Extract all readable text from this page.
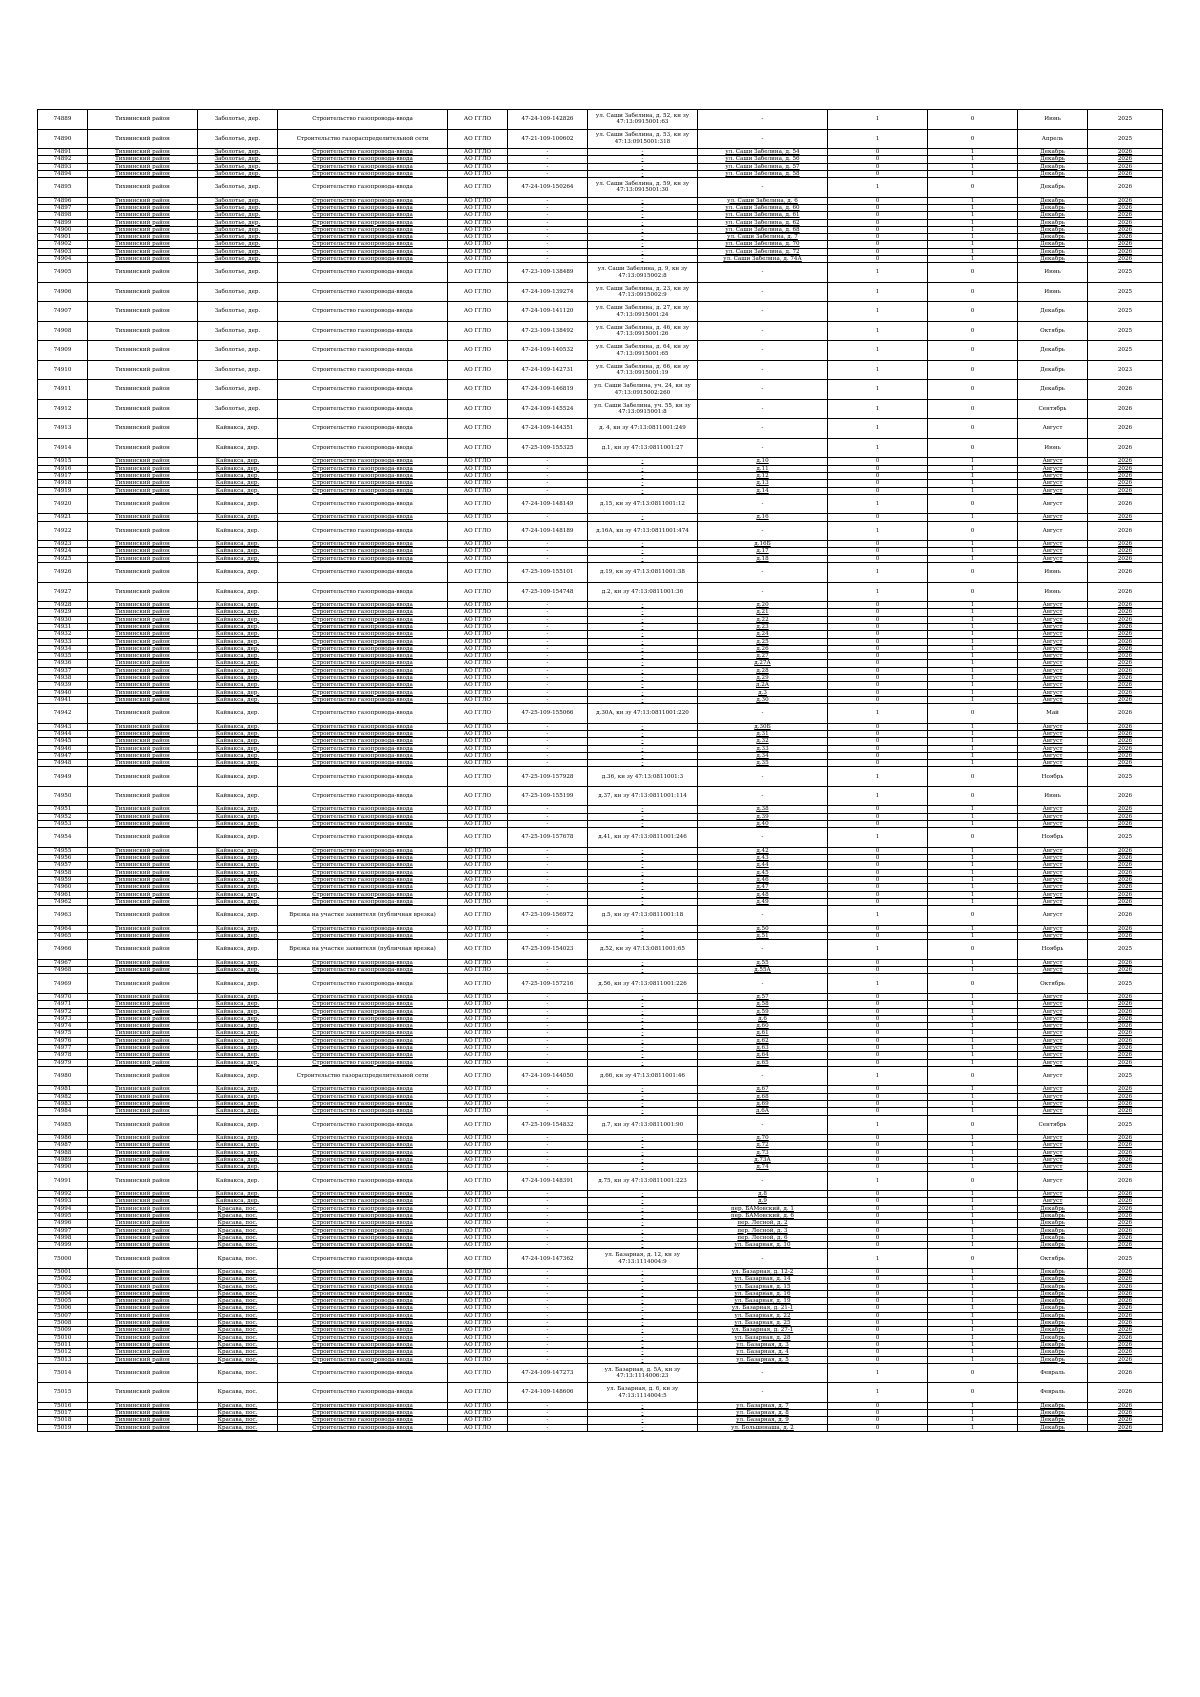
74889	Тихвинский район	Заболотье, дер.	Строительство газопровода-ввода	АО ГГЛО	47-24-109-142826	ул. Саши Забелина, д. 52, кн зу 47:13:0915001:63	-	1	0	Июнь	2025
74890	Тихвинский район	Заболотье, дер.	Строительство газораспределительной сети	АО ГГЛО	47-21-109-100602	ул. Саши Забелина, д. 53, кн зу 47:13:0915001:318	-	1	0	Апрель	2025
74891	Тихвинский район	Заболотье, дер.	Строительство газопровода-ввода	АО ГГЛО	-	-	ул. Саши Забелина, д. 54	0	1	Декабрь	2026
74892	Тихвинский район	Заболотье, дер.	Строительство газопровода-ввода	АО ГГЛО	-	-	ул. Саши Забелина, д. 56	0	1	Декабрь	2026
74893	Тихвинский район	Заболотье, дер.	Строительство газопровода-ввода	АО ГГЛО	-	-	ул. Саши Забелина, д. 57	0	1	Декабрь	2026
74894	Тихвинский район	Заболотье, дер.	Строительство газопровода-ввода	АО ГГЛО	-	-	ул. Саши Забелина, д. 58	0	1	Декабрь	2026
74895	Тихвинский район	Заболотье, дер.	Строительство газопровода-ввода	АО ГГЛО	47-24-109-150264	ул. Саши Забелина, д. 59, кн зу 47:13:0915001:30	-	1	0	Декабрь	2026
74896	Тихвинский район	Заболотье, дер.	Строительство газопровода-ввода	АО ГГЛО	-	-	ул. Саши Забелина, д. 6	0	1	Декабрь	2026
74897	Тихвинский район	Заболотье, дер.	Строительство газопровода-ввода	АО ГГЛО	-	-	ул. Саши Забелина, д. 60	0	1	Декабрь	2026
74898	Тихвинский район	Заболотье, дер.	Строительство газопровода-ввода	АО ГГЛО	-	-	ул. Саши Забелина, д. 61	0	1	Декабрь	2026
74899	Тихвинский район	Заболотье, дер.	Строительство газопровода-ввода	АО ГГЛО	-	-	ул. Саши Забелина, д. 62	0	1	Декабрь	2026
74900	Тихвинский район	Заболотье, дер.	Строительство газопровода-ввода	АО ГГЛО	-	-	ул. Саши Забелина, д. 68	0	1	Декабрь	2026
74901	Тихвинский район	Заболотье, дер.	Строительство газопровода-ввода	АО ГГЛО	-	-	ул. Саши Забелина, д. 7	0	1	Декабрь	2026
74902	Тихвинский район	Заболотье, дер.	Строительство газопровода-ввода	АО ГГЛО	-	-	ул. Саши Забелина, д. 70	0	1	Декабрь	2026
74903	Тихвинский район	Заболотье, дер.	Строительство газопровода-ввода	АО ГГЛО	-	-	ул. Саши Забелина, д. 72	0	1	Декабрь	2026
74904	Тихвинский район	Заболотье, дер.	Строительство газопровода-ввода	АО ГГЛО	-	-	ул. Саши Забелина, д. 74А	0	1	Декабрь	2026
74905	Тихвинский район	Заболотье, дер.	Строительство газопровода-ввода	АО ГГЛО	47-23-109-138489	ул. Саши Забелина, д. 9, кн зу 47:13:0915002:8	-	1	0	Июнь	2025
74906	Тихвинский район	Заболотье, дер.	Строительство газопровода-ввода	АО ГГЛО	47-24-109-139274	ул. Саши Забелина, д. 23, кн зу 47:13:0915002:9	-	1	0	Июнь	2025
74907	Тихвинский район	Заболотье, дер.	Строительство газопровода-ввода	АО ГГЛО	47-24-109-141120	ул. Саши Забелина, д. 27, кн зу 47:13:0915001:24	-	1	0	Декабрь	2025
74908	Тихвинский район	Заболотье, дер.	Строительство газопровода-ввода	АО ГГЛО	47-23-109-138492	ул. Саши Забелина, д. 46, кн зу 47:13:0915001:26	-	1	0	Октябрь	2025
74909	Тихвинский район	Заболотье, дер.	Строительство газопровода-ввода	АО ГГЛО	47-24-109-140532	ул. Саши Забелина, д. 64, кн зу 47:13:0915001:65	-	1	0	Декабрь	2025
74910	Тихвинский район	Заболотье, дер.	Строительство газопровода-ввода	АО ГГЛО	47-24-109-142731	ул. Саши Забелина, д. 66, кн зу 47:13:0915001:19	-	1	0	Декабрь	2023
74911	Тихвинский район	Заболотье, дер.	Строительство газопровода-ввода	АО ГГЛО	47-24-109-146819	ул. Саши Забелина, уч. 24, кн зу 47:13:0915002:260	-	1	0	Декабрь	2026
74912	Тихвинский район	Заболотье, дер.	Строительство газопровода-ввода	АО ГГЛО	47-24-109-145524	ул. Саши Забелина, уч. 55, кн зу 47:13:0915001:8	-	1	0	Сентябрь	2026
74913	Тихвинский район	Кайвакса, дер.	Строительство газопровода-ввода	АО ГГЛО	47-24-109-144351	д. 4, кн зу 47:13:0811001:249	-	1	0	Август	2026
74914	Тихвинский район	Кайвакса, дер.	Строительство газопровода-ввода	АО ГГЛО	47-25-109-155325	д.1, кн зу 47:13:0811001:27	-	1	0	Июнь	2026
74915	Тихвинский район	Кайвакса, дер.	Строительство газопровода-ввода	АО ГГЛО	-	-	д.10	0	1	Август	2026
74916	Тихвинский район	Кайвакса, дер.	Строительство газопровода-ввода	АО ГГЛО	-	-	д.11	0	1	Август	2026
74917	Тихвинский район	Кайвакса, дер.	Строительство газопровода-ввода	АО ГГЛО	-	-	д.12	0	1	Август	2026
74918	Тихвинский район	Кайвакса, дер.	Строительство газопровода-ввода	АО ГГЛО	-	-	д.13	0	1	Август	2026
74919	Тихвинский район	Кайвакса, дер.	Строительство газопровода-ввода	АО ГГЛО	-	-	д.14	0	1	Август	2026
74920	Тихвинский район	Кайвакса, дер.	Строительство газопровода-ввода	АО ГГЛО	47-24-109-148149	д.15, кн зу 47:13:0811001:12	-	1	0	Август	2026
74921	Тихвинский район	Кайвакса, дер.	Строительство газопровода-ввода	АО ГГЛО	-	-	д.16	0	1	Август	2026
74922	Тихвинский район	Кайвакса, дер.	Строительство газопровода-ввода	АО ГГЛО	47-24-109-148189	д.16А, кн зу 47:13:0811001:474	-	1	0	Август	2026
74923	Тихвинский район	Кайвакса, дер.	Строительство газопровода-ввода	АО ГГЛО	-	-	д.16Б	0	1	Август	2026
74924	Тихвинский район	Кайвакса, дер.	Строительство газопровода-ввода	АО ГГЛО	-	-	д.17	0	1	Август	2026
74925	Тихвинский район	Кайвакса, дер.	Строительство газопровода-ввода	АО ГГЛО	-	-	д.18	0	1	Август	2026
74926	Тихвинский район	Кайвакса, дер.	Строительство газопровода-ввода	АО ГГЛО	47-25-109-155101	д.19, кн зу 47:13:0811001:38	-	1	0	Июнь	2026
74927	Тихвинский район	Кайвакса, дер.	Строительство газопровода-ввода	АО ГГЛО	47-25-109-154748	д.2, кн зу 47:13:0811001:36	-	1	0	Июнь	2026
74928	Тихвинский район	Кайвакса, дер.	Строительство газопровода-ввода	АО ГГЛО	-	-	д.20	0	1	Август	2026
74929	Тихвинский район	Кайвакса, дер.	Строительство газопровода-ввода	АО ГГЛО	-	-	д.21	0	1	Август	2026
74930	Тихвинский район	Кайвакса, дер.	Строительство газопровода-ввода	АО ГГЛО	-	-	д.22	0	1	Август	2026
74931	Тихвинский район	Кайвакса, дер.	Строительство газопровода-ввода	АО ГГЛО	-	-	д.23	0	1	Август	2026
74932	Тихвинский район	Кайвакса, дер.	Строительство газопровода-ввода	АО ГГЛО	-	-	д.24	0	1	Август	2026
74933	Тихвинский район	Кайвакса, дер.	Строительство газопровода-ввода	АО ГГЛО	-	-	д.25	0	1	Август	2026
74934	Тихвинский район	Кайвакса, дер.	Строительство газопровода-ввода	АО ГГЛО	-	-	д.26	0	1	Август	2026
74935	Тихвинский район	Кайвакса, дер.	Строительство газопровода-ввода	АО ГГЛО	-	-	д.27	0	1	Август	2026
74936	Тихвинский район	Кайвакса, дер.	Строительство газопровода-ввода	АО ГГЛО	-	-	д.27А	0	1	Август	2026
74937	Тихвинский район	Кайвакса, дер.	Строительство газопровода-ввода	АО ГГЛО	-	-	д.28	0	1	Август	2026
74938	Тихвинский район	Кайвакса, дер.	Строительство газопровода-ввода	АО ГГЛО	-	-	д.29	0	1	Август	2026
74939	Тихвинский район	Кайвакса, дер.	Строительство газопровода-ввода	АО ГГЛО	-	-	д.2А	0	1	Август	2026
74940	Тихвинский район	Кайвакса, дер.	Строительство газопровода-ввода	АО ГГЛО	-	-	д.3	0	1	Август	2026
74941	Тихвинский район	Кайвакса, дер.	Строительство газопровода-ввода	АО ГГЛО	-	-	д.30	0	1	Август	2026
74942	Тихвинский район	Кайвакса, дер.	Строительство газопровода-ввода	АО ГГЛО	47-25-109-155066	д.30А, кн зу 47:13:0811001:220	-	1	0	Май	2026
74943	Тихвинский район	Кайвакса, дер.	Строительство газопровода-ввода	АО ГГЛО	-	-	д.30Б	0	1	Август	2026
74944	Тихвинский район	Кайвакса, дер.	Строительство газопровода-ввода	АО ГГЛО	-	-	д.31	0	1	Август	2026
74945	Тихвинский район	Кайвакса, дер.	Строительство газопровода-ввода	АО ГГЛО	-	-	д.32	0	1	Август	2026
74946	Тихвинский район	Кайвакса, дер.	Строительство газопровода-ввода	АО ГГЛО	-	-	д.33	0	1	Август	2026
74947	Тихвинский район	Кайвакса, дер.	Строительство газопровода-ввода	АО ГГЛО	-	-	д.34	0	1	Август	2026
74948	Тихвинский район	Кайвакса, дер.	Строительство газопровода-ввода	АО ГГЛО	-	-	д.35	0	1	Август	2026
74949	Тихвинский район	Кайвакса, дер.	Строительство газопровода-ввода	АО ГГЛО	47-25-109-157928	д.36, кн зу 47:13:0811001:3	-	1	0	Ноябрь	2025
74950	Тихвинский район	Кайвакса, дер.	Строительство газопровода-ввода	АО ГГЛО	47-25-109-155199	д.37, кн зу 47:13:0811001:114	-	1	0	Июнь	2026
74951	Тихвинский район	Кайвакса, дер.	Строительство газопровода-ввода	АО ГГЛО	-	-	д.38	0	1	Август	2026
74952	Тихвинский район	Кайвакса, дер.	Строительство газопровода-ввода	АО ГГЛО	-	-	д.39	0	1	Август	2026
74953	Тихвинский район	Кайвакса, дер.	Строительство газопровода-ввода	АО ГГЛО	-	-	д.40	0	1	Август	2026
74954	Тихвинский район	Кайвакса, дер.	Строительство газопровода-ввода	АО ГГЛО	47-25-109-157678	д.41, кн зу 47:13:0811001:246	-	1	0	Ноябрь	2025
74955	Тихвинский район	Кайвакса, дер.	Строительство газопровода-ввода	АО ГГЛО	-	-	д.42	0	1	Август	2026
74956	Тихвинский район	Кайвакса, дер.	Строительство газопровода-ввода	АО ГГЛО	-	-	д.43	0	1	Август	2026
74957	Тихвинский район	Кайвакса, дер.	Строительство газопровода-ввода	АО ГГЛО	-	-	д.44	0	1	Август	2026
74958	Тихвинский район	Кайвакса, дер.	Строительство газопровода-ввода	АО ГГЛО	-	-	д.45	0	1	Август	2026
74959	Тихвинский район	Кайвакса, дер.	Строительство газопровода-ввода	АО ГГЛО	-	-	д.46	0	1	Август	2026
74960	Тихвинский район	Кайвакса, дер.	Строительство газопровода-ввода	АО ГГЛО	-	-	д.47	0	1	Август	2026
74961	Тихвинский район	Кайвакса, дер.	Строительство газопровода-ввода	АО ГГЛО	-	-	д.48	0	1	Август	2026
74962	Тихвинский район	Кайвакса, дер.	Строительство газопровода-ввода	АО ГГЛО	-	-	д.49	0	1	Август	2026
74963	Тихвинский район	Кайвакса, дер.	Врезка на участке заявителя (публичная врезка)	АО ГГЛО	47-25-109-156972	д.5, кн зу 47:13:0811001:18	-	1	0	Август	2026
74964	Тихвинский район	Кайвакса, дер.	Строительство газопровода-ввода	АО ГГЛО	-	-	д.50	0	1	Август	2026
74965	Тихвинский район	Кайвакса, дер.	Строительство газопровода-ввода	АО ГГЛО	-	-	д.51	0	1	Август	2026
74966	Тихвинский район	Кайвакса, дер.	Врезка на участке заявителя (публичная врезка)	АО ГГЛО	47-25-109-154023	д.52, кн зу 47:13:0811001:65	-	1	0	Ноябрь	2025
74967	Тихвинский район	Кайвакса, дер.	Строительство газопровода-ввода	АО ГГЛО	-	-	д.55	0	1	Август	2026
74968	Тихвинский район	Кайвакса, дер.	Строительство газопровода-ввода	АО ГГЛО	-	-	д.55А	0	1	Август	2026
74969	Тихвинский район	Кайвакса, дер.	Строительство газопровода-ввода	АО ГГЛО	47-25-109-157216	д.56, кн зу 47:13:0811001:226	-	1	0	Октябрь	2025
74970	Тихвинский район	Кайвакса, дер.	Строительство газопровода-ввода	АО ГГЛО	-	-	д.57	0	1	Август	2026
74971	Тихвинский район	Кайвакса, дер.	Строительство газопровода-ввода	АО ГГЛО	-	-	д.58	0	1	Август	2026
74972	Тихвинский район	Кайвакса, дер.	Строительство газопровода-ввода	АО ГГЛО	-	-	д.59	0	1	Август	2026
74973	Тихвинский район	Кайвакса, дер.	Строительство газопровода-ввода	АО ГГЛО	-	-	д.6	0	1	Август	2026
74974	Тихвинский район	Кайвакса, дер.	Строительство газопровода-ввода	АО ГГЛО	-	-	д.60	0	1	Август	2026
74975	Тихвинский район	Кайвакса, дер.	Строительство газопровода-ввода	АО ГГЛО	-	-	д.61	0	1	Август	2026
74976	Тихвинский район	Кайвакса, дер.	Строительство газопровода-ввода	АО ГГЛО	-	-	д.62	0	1	Август	2026
74977	Тихвинский район	Кайвакса, дер.	Строительство газопровода-ввода	АО ГГЛО	-	-	д.63	0	1	Август	2026
74978	Тихвинский район	Кайвакса, дер.	Строительство газопровода-ввода	АО ГГЛО	-	-	д.64	0	1	Август	2026
74979	Тихвинский район	Кайвакса, дер.	Строительство газопровода-ввода	АО ГГЛО	-	-	д.65	0	1	Август	2026
74980	Тихвинский район	Кайвакса, дер.	Строительство газораспределительной сети	АО ГГЛО	47-24-109-144050	д.66, кн зу 47:13:0811001:46	-	1	0	Август	2025
74981	Тихвинский район	Кайвакса, дер.	Строительство газопровода-ввода	АО ГГЛО	-	-	д.67	0	1	Август	2026
74982	Тихвинский район	Кайвакса, дер.	Строительство газопровода-ввода	АО ГГЛО	-	-	д.68	0	1	Август	2026
74983	Тихвинский район	Кайвакса, дер.	Строительство газопровода-ввода	АО ГГЛО	-	-	д.69	0	1	Август	2026
74984	Тихвинский район	Кайвакса, дер.	Строительство газопровода-ввода	АО ГГЛО	-	-	д.6А	0	1	Август	2026
74985	Тихвинский район	Кайвакса, дер.	Строительство газопровода-ввода	АО ГГЛО	47-25-109-154832	д.7, кн зу 47:13:0811001:90	-	1	0	Сентябрь	2025
74986	Тихвинский район	Кайвакса, дер.	Строительство газопровода-ввода	АО ГГЛО	-	-	д.70	0	1	Август	2026
74987	Тихвинский район	Кайвакса, дер.	Строительство газопровода-ввода	АО ГГЛО	-	-	д.72	0	1	Август	2026
74988	Тихвинский район	Кайвакса, дер.	Строительство газопровода-ввода	АО ГГЛО	-	-	д.73	0	1	Август	2026
74989	Тихвинский район	Кайвакса, дер.	Строительство газопровода-ввода	АО ГГЛО	-	-	д.73А	0	1	Август	2026
74990	Тихвинский район	Кайвакса, дер.	Строительство газопровода-ввода	АО ГГЛО	-	-	д.74	0	1	Август	2026
74991	Тихвинский район	Кайвакса, дер.	Строительство газопровода-ввода	АО ГГЛО	47-24-109-148391	д.75, кн зу 47:13:0811001:223	-	1	0	Август	2026
74992	Тихвинский район	Кайвакса, дер.	Строительство газопровода-ввода	АО ГГЛО	-	-	д.8	0	1	Август	2026
74993	Тихвинский район	Кайвакса, дер.	Строительство газопровода-ввода	АО ГГЛО	-	-	д.9	0	1	Август	2026
74994	Тихвинский район	Красава, пос.	Строительство газопровода-ввода	АО ГГЛО	-	-	пер. БАМовский, д. 1	0	1	Декабрь	2026
74995	Тихвинский район	Красава, пос.	Строительство газопровода-ввода	АО ГГЛО	-	-	пер. БАМовский, д. 6	0	1	Декабрь	2026
74996	Тихвинский район	Красава, пос.	Строительство газопровода-ввода	АО ГГЛО	-	-	пер. Лесной, д. 2	0	1	Декабрь	2026
74997	Тихвинский район	Красава, пос.	Строительство газопровода-ввода	АО ГГЛО	-	-	пер. Лесной, д. 3	0	1	Декабрь	2026
74998	Тихвинский район	Красава, пос.	Строительство газопровода-ввода	АО ГГЛО	-	-	пер. Лесной, д. 6	0	1	Декабрь	2026
74999	Тихвинский район	Красава, пос.	Строительство газопровода-ввода	АО ГГЛО	-	-	ул. Базарная, д. 10	0	1	Декабрь	2026
75000	Тихвинский район	Красава, пос.	Строительство газопровода-ввода	АО ГГЛО	47-24-109-147362	ул. Базарная, д. 12, кн зу 47:13:1114004:9	-	1	0	Октябрь	2025
75001	Тихвинский район	Красава, пос.	Строительство газопровода-ввода	АО ГГЛО	-	-	ул. Базарная, д. 12-2	0	1	Декабрь	2026
75002	Тихвинский район	Красава, пос.	Строительство газопровода-ввода	АО ГГЛО	-	-	ул. Базарная, д. 14	0	1	Декабрь	2026
75003	Тихвинский район	Красава, пос.	Строительство газопровода-ввода	АО ГГЛО	-	-	ул. Базарная, д. 15	0	1	Декабрь	2026
75004	Тихвинский район	Красава, пос.	Строительство газопровода-ввода	АО ГГЛО	-	-	ул. Базарная, д. 16	0	1	Декабрь	2026
75005	Тихвинский район	Красава, пос.	Строительство газопровода-ввода	АО ГГЛО	-	-	ул. Базарная, д. 19	0	1	Декабрь	2026
75006	Тихвинский район	Красава, пос.	Строительство газопровода-ввода	АО ГГЛО	-	-	ул. Базарная, д. 21-1	0	1	Декабрь	2026
75007	Тихвинский район	Красава, пос.	Строительство газопровода-ввода	АО ГГЛО	-	-	ул. Базарная, д. 22	0	1	Декабрь	2026
75008	Тихвинский район	Красава, пос.	Строительство газопровода-ввода	АО ГГЛО	-	-	ул. Базарная, д. 25	0	1	Декабрь	2026
75009	Тихвинский район	Красава, пос.	Строительство газопровода-ввода	АО ГГЛО	-	-	ул. Базарная, д. 27-1	0	1	Декабрь	2026
75010	Тихвинский район	Красава, пос.	Строительство газопровода-ввода	АО ГГЛО	-	-	ул. Базарная, д. 28	0	1	Декабрь	2026
75011	Тихвинский район	Красава, пос.	Строительство газопровода-ввода	АО ГГЛО	-	-	ул. Базарная, д. 3	0	1	Декабрь	2026
75012	Тихвинский район	Красава, пос.	Строительство газопровода-ввода	АО ГГЛО	-	-	ул. Базарная, д. 4	0	1	Декабрь	2026
75013	Тихвинский район	Красава, пос.	Строительство газопровода-ввода	АО ГГЛО	-	-	ул. Базарная, д. 5	0	1	Декабрь	2026
75014	Тихвинский район	Красава, пос.	Строительство газопровода-ввода	АО ГГЛО	47-24-109-147273	ул. Базарная, д. 5А, кн зу 47:13:1114006:23	-	1	0	Февраль	2026
75015	Тихвинский район	Красава, пос.	Строительство газопровода-ввода	АО ГГЛО	47-24-109-148606	ул. Базарная, д. 6, кн зу 47:13:1114004:5	-	1	0	Февраль	2026
75016	Тихвинский район	Красава, пос.	Строительство газопровода-ввода	АО ГГЛО	-	-	ул. Базарная, д. 7	0	1	Декабрь	2026
75017	Тихвинский район	Красава, пос.	Строительство газопровода-ввода	АО ГГЛО	-	-	ул. Базарная, д. 8	0	1	Декабрь	2026
75018	Тихвинский район	Красава, пос.	Строительство газопровода-ввода	АО ГГЛО	-	-	ул. Базарная, д. 9	0	1	Декабрь	2026
75019	Тихвинский район	Красава, пос.	Строительство газопровода-ввода	АО ГГЛО	-	-	ул. Большенаша, д. 2	0	1	Декабрь	2026
